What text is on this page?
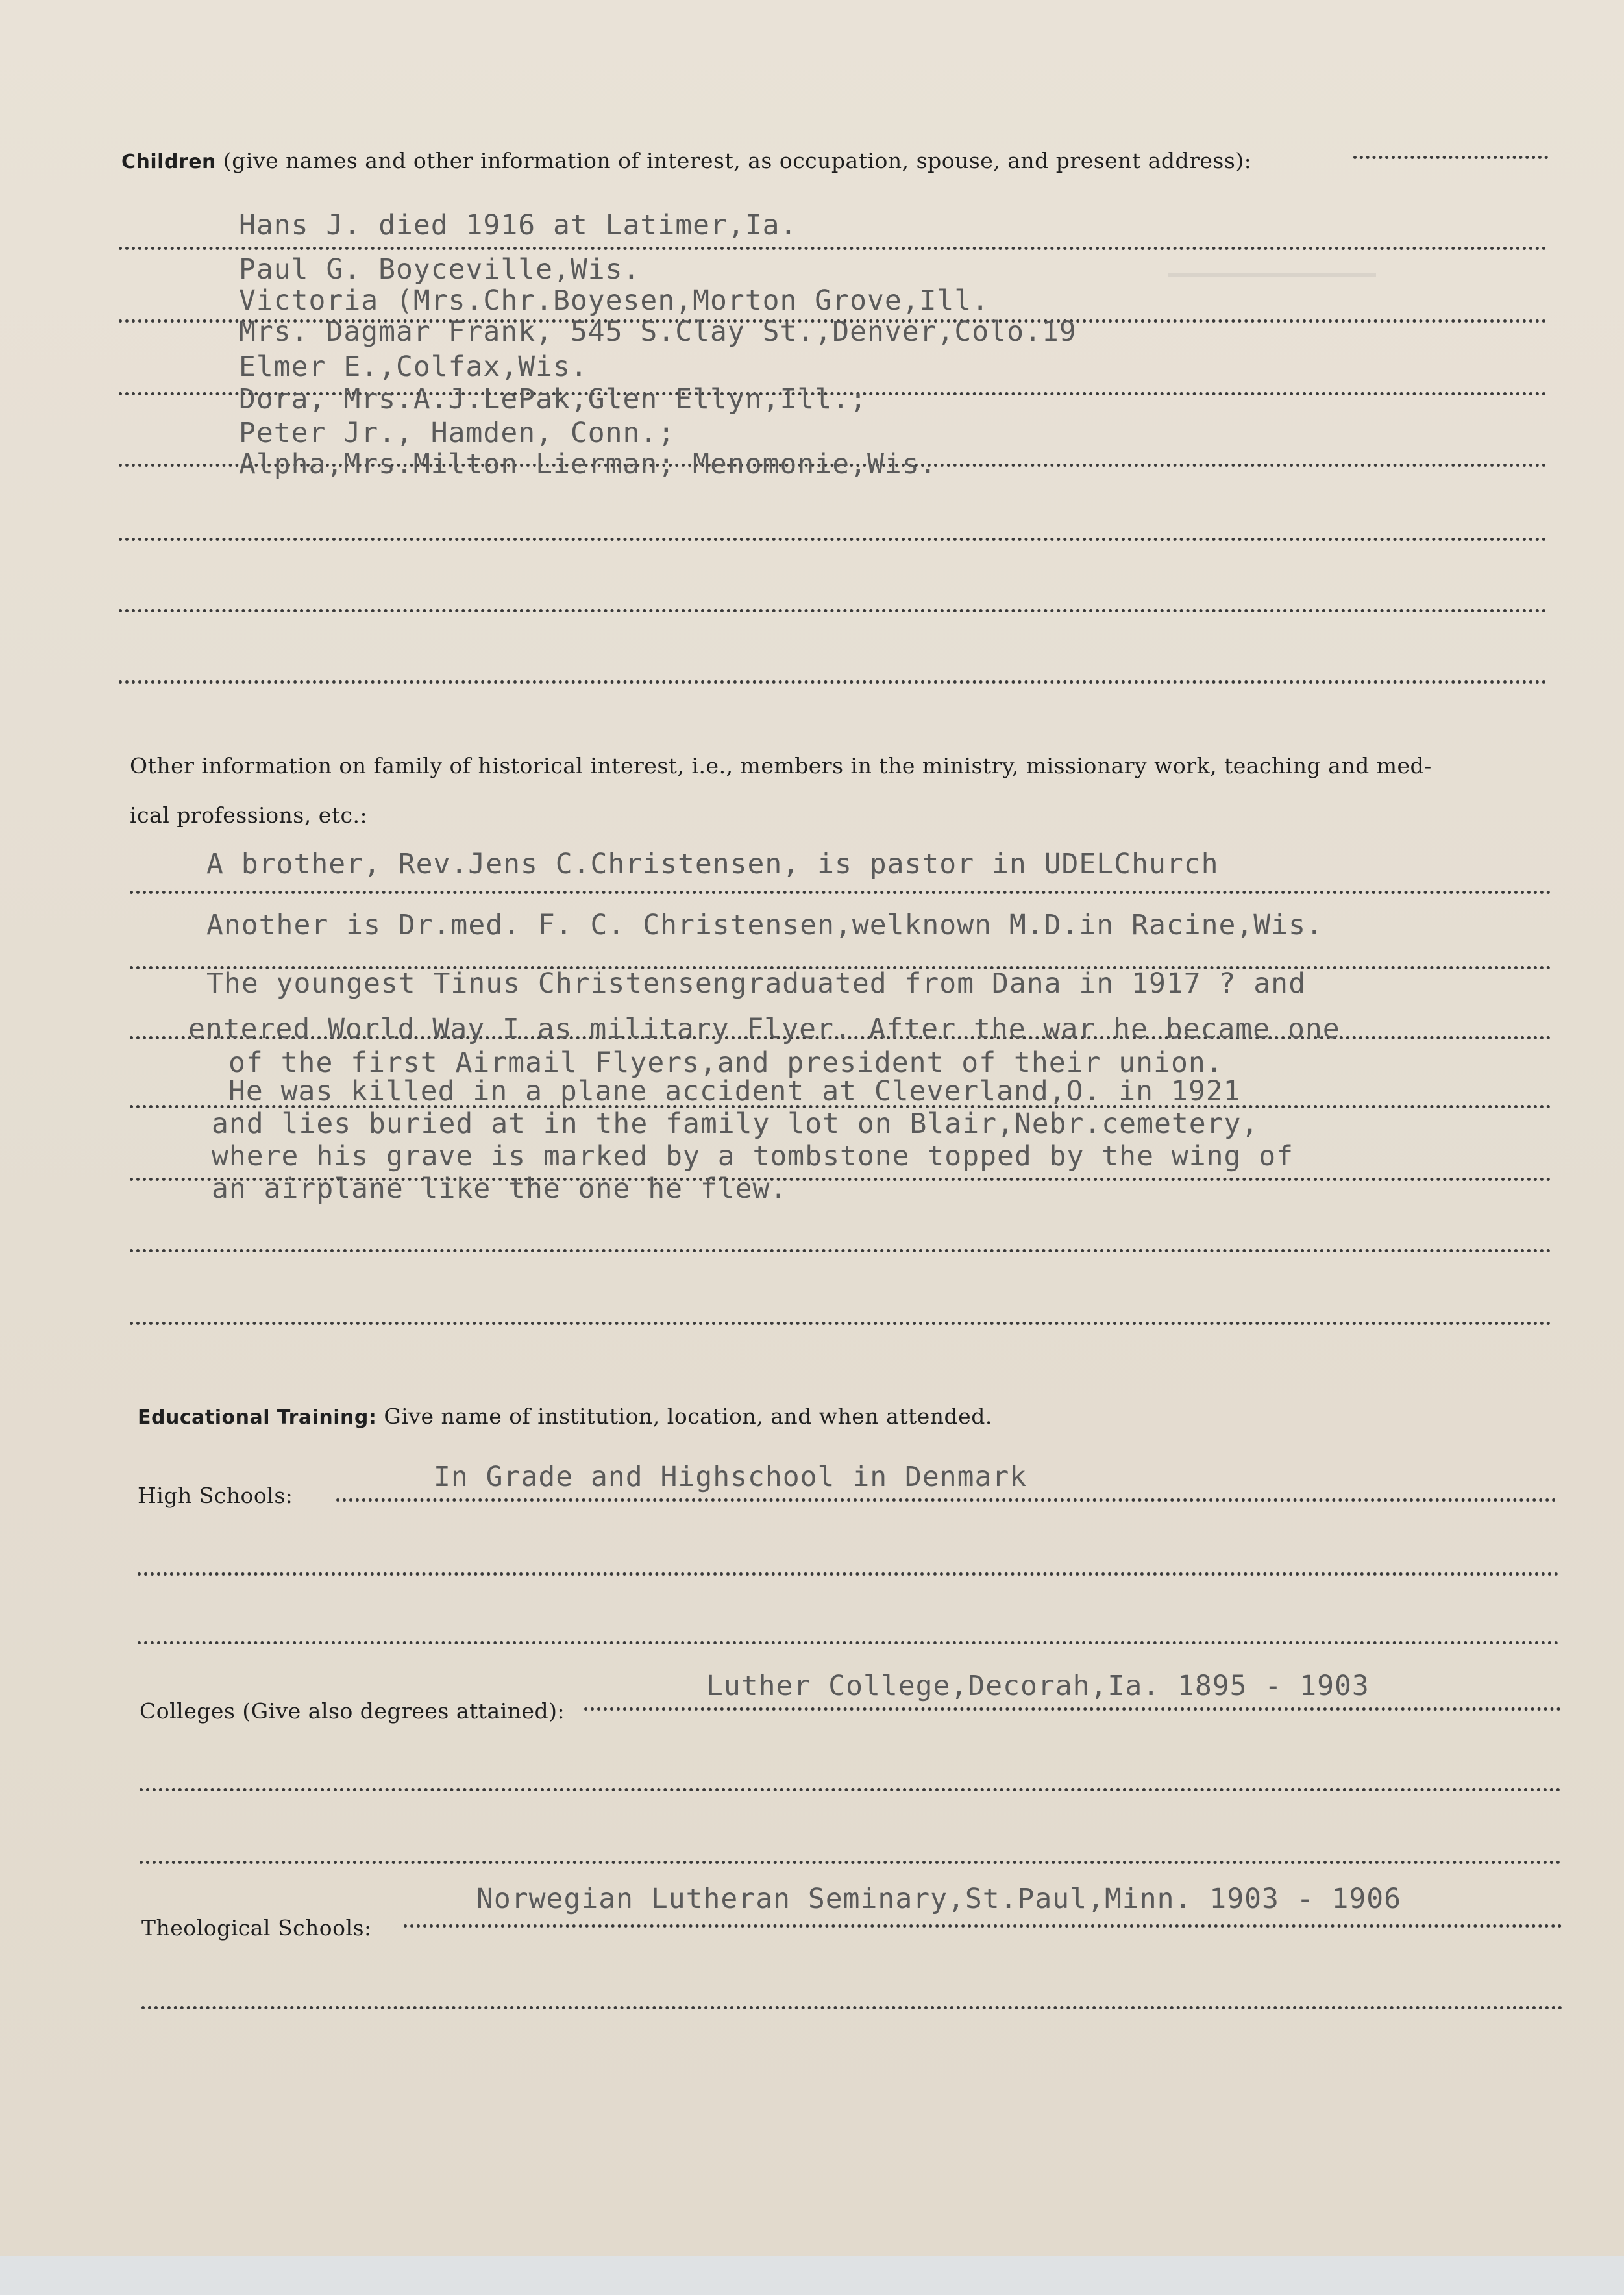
Children (give names and other information of interest, as occupation, spouse, and present address):
Hans J. died 1916 at Latimer,Ia.
Paul G. Boyceville,Wis.
Victoria (Mrs.Chr.Boyesen,Morton Grove,Ill.
Mrs. Dagmar Frank, 545 S.Clay St.,Denver,Colo.19
Elmer E.,Colfax,Wis.
Dora, Mrs.A.J.LePak,Glen Ellyn,Ill.;
Peter Jr., Hamden, Conn.;
Alpha,Mrs.Milton Lierman; Menomonie,Wis.
Other information on family of historical interest, i.e., members in the ministry, missionary work, teaching and med-
ical professions, etc.:
A brother, Rev.Jens C.Christensen, is pastor in UDELChurch
Another is Dr.med. F. C. Christensen,welknown M.D.in Racine,Wis.
The youngest Tinus Christensengraduated from Dana in 1917 ? and
entered World Way I as military Flyer. After the war he became one
of the first Airmail Flyers,and president of their union.
He was killed in a plane accident at Cleverland,O. in 1921
and lies buried at in the family lot on Blair,Nebr.cemetery,
where his grave is marked by a tombstone topped by the wing of
an airplane like the one he flew.
Educational Training: Give name of institution, location, and when attended.
High Schools:
In Grade and Highschool in Denmark
Colleges (Give also degrees attained):
Luther College,Decorah,Ia. 1895 - 1903
Theological Schools:
Norwegian Lutheran Seminary,St.Paul,Minn. 1903 - 1906
